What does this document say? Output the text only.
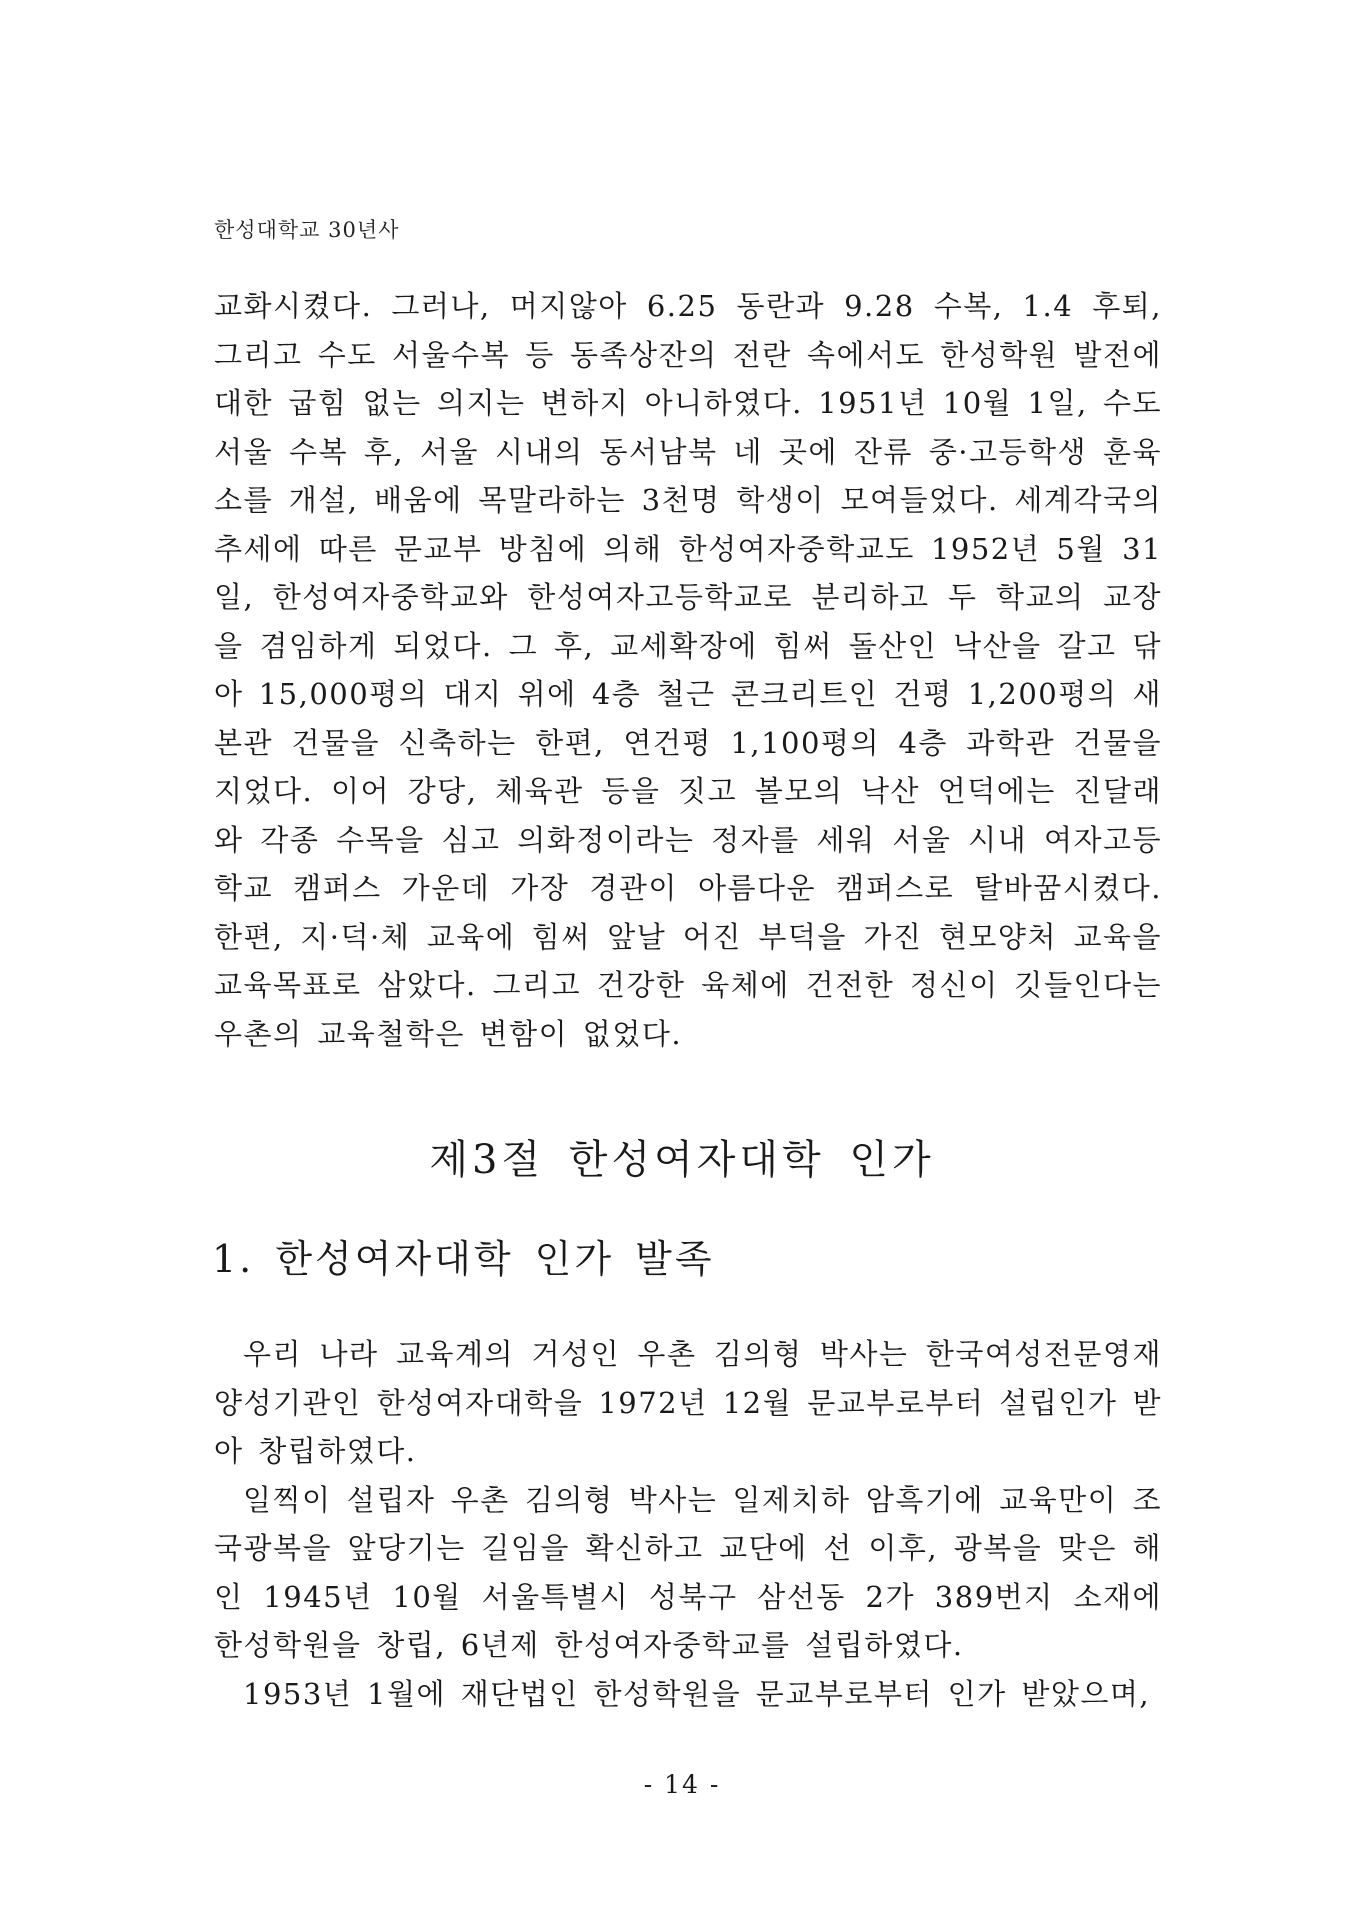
한성대학교 30년사

교화시켰다. 그러나, 머지않아 6.25 동란과 9.28 수복, 1.4 후퇴, 그리고 수도 서울수복 등 동족상잔의 전란 속에서도 한성학원 발전에 대한 굽힘 없는 의지는 변하지 아니하였다. 1951년 10월 1일, 수도 서울 수복 후, 서울 시내의 동서남북 네 곳에 잔류 중·고등학생 훈육소를 개설, 배움에 목말라하는 3천명 학생이 모여들었다. 세계각국의 추세에 따른 문교부 방침에 의해 한성여자중학교도 1952년 5월 31일, 한성여자중학교와 한성여자고등학교로 분리하고 두 학교의 교장을 겸임하게 되었다. 그 후, 교세확장에 힘써 돌산인 낙산을 갈고 닦아 15,000평의 대지 위에 4층 철근 콘크리트인 건평 1,200평의 새 본관 건물을 신축하는 한편, 연건평 1,100평의 4층 과학관 건물을 지었다. 이어 강당, 체육관 등을 짓고 볼모의 낙산 언덕에는 진달래와 각종 수목을 심고 의화정이라는 정자를 세워 서울 시내 여자고등학교 캠퍼스 가운데 가장 경관이 아름다운 캠퍼스로 탈바꿈시켰다. 한편, 지·덕·체 교육에 힘써 앞날 어진 부덕을 가진 현모양처 교육을 교육목표로 삼았다. 그리고 건강한 육체에 건전한 정신이 깃들인다는 우촌의 교육철학은 변함이 없었다.

제3절 한성여자대학 인가
1. 한성여자대학 인가 발족

우리 나라 교육계의 거성인 우촌 김의형 박사는 한국여성전문영재양성기관인 한성여자대학을 1972년 12월 문교부로부터 설립인가 받아 창립하였다.

일찍이 설립자 우촌 김의형 박사는 일제치하 암흑기에 교육만이 조국광복을 앞당기는 길임을 확신하고 교단에 선 이후, 광복을 맞은 해인 1945년 10월 서울특별시 성북구 삼선동 2가 389번지 소재에 한성학원을 창립, 6년제 한성여자중학교를 설립하였다.

1953년 1월에 재단법인 한성학원을 문교부로부터 인가 받았으며,

- 14 -
